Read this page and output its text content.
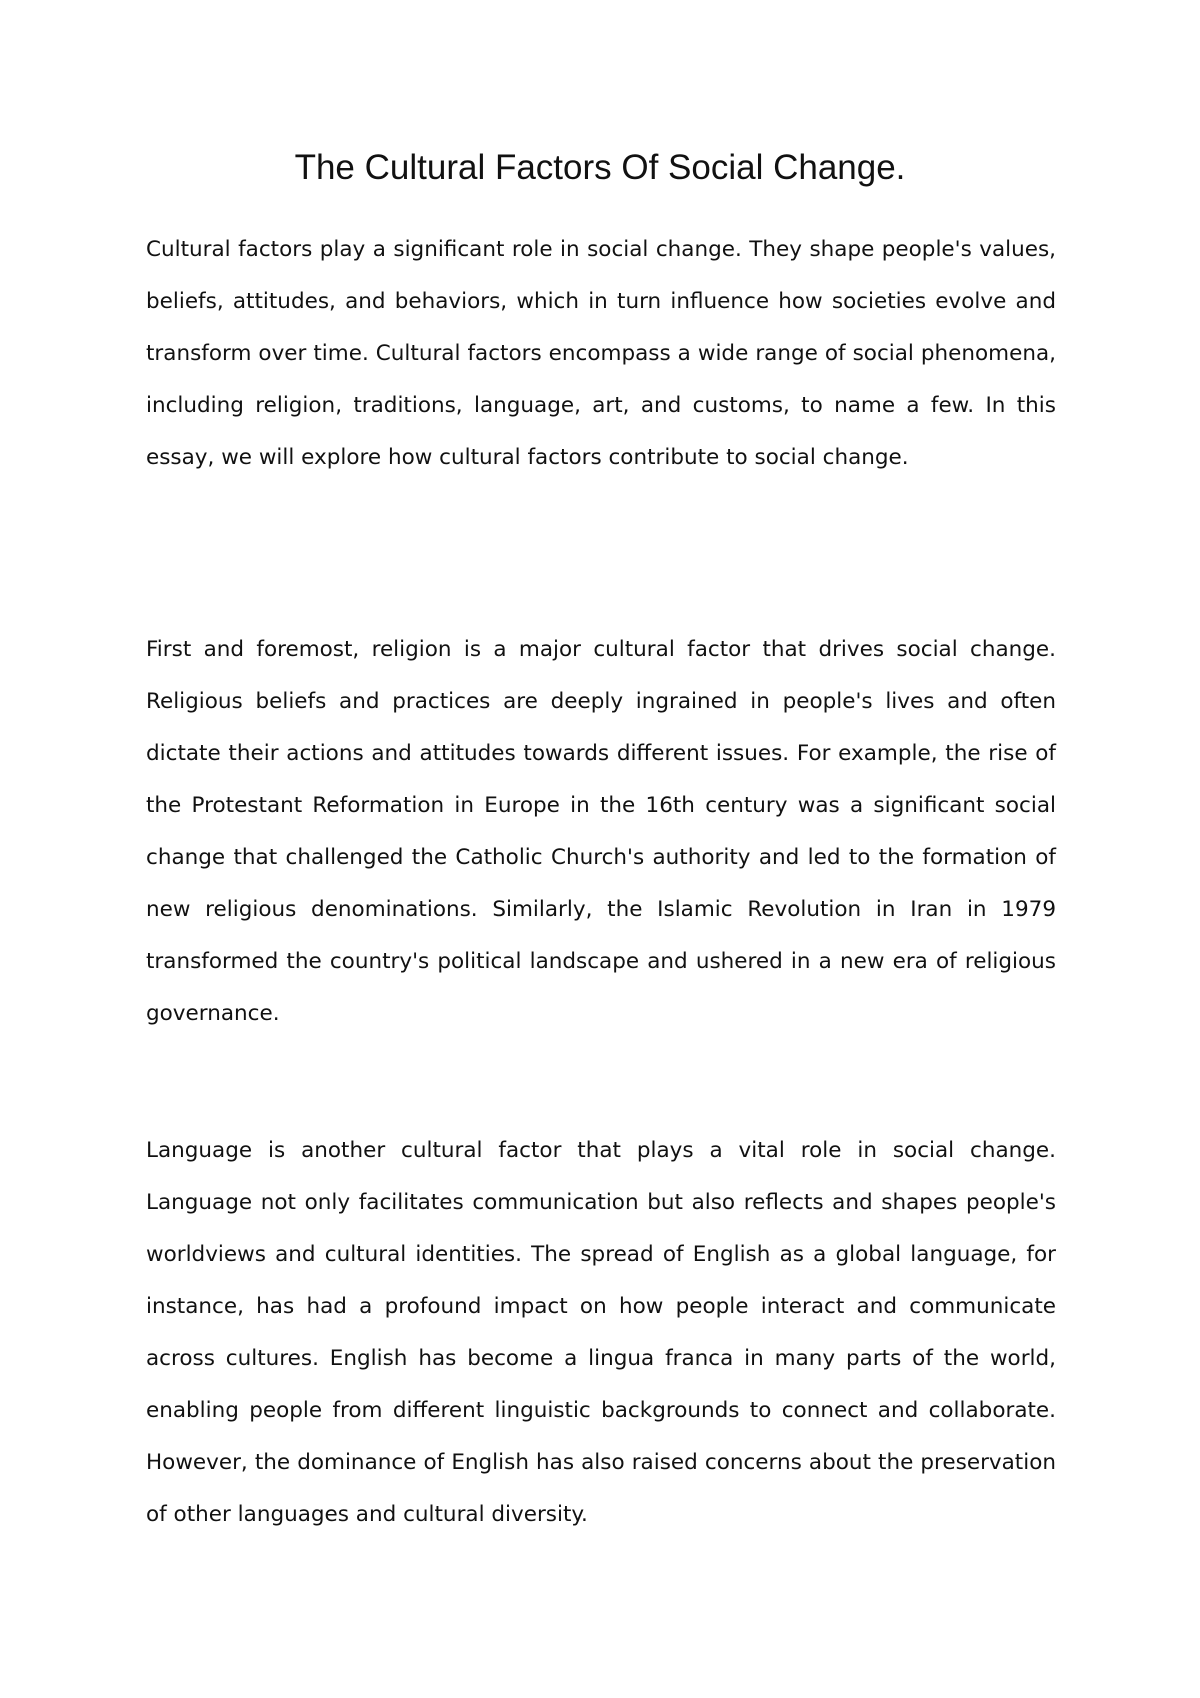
The Cultural Factors Of Social Change.

Cultural factors play a significant role in social change. They shape people's values, beliefs, attitudes, and behaviors, which in turn influence how societies evolve and transform over time. Cultural factors encompass a wide range of social phenomena, including religion, traditions, language, art, and customs, to name a few. In this essay, we will explore how cultural factors contribute to social change.

First and foremost, religion is a major cultural factor that drives social change. Religious beliefs and practices are deeply ingrained in people's lives and often dictate their actions and attitudes towards different issues. For example, the rise of the Protestant Reformation in Europe in the 16th century was a significant social change that challenged the Catholic Church's authority and led to the formation of new religious denominations. Similarly, the Islamic Revolution in Iran in 1979 transformed the country's political landscape and ushered in a new era of religious governance.

Language is another cultural factor that plays a vital role in social change. Language not only facilitates communication but also reflects and shapes people's worldviews and cultural identities. The spread of English as a global language, for instance, has had a profound impact on how people interact and communicate across cultures. English has become a lingua franca in many parts of the world, enabling people from different linguistic backgrounds to connect and collaborate. However, the dominance of English has also raised concerns about the preservation of other languages and cultural diversity.
